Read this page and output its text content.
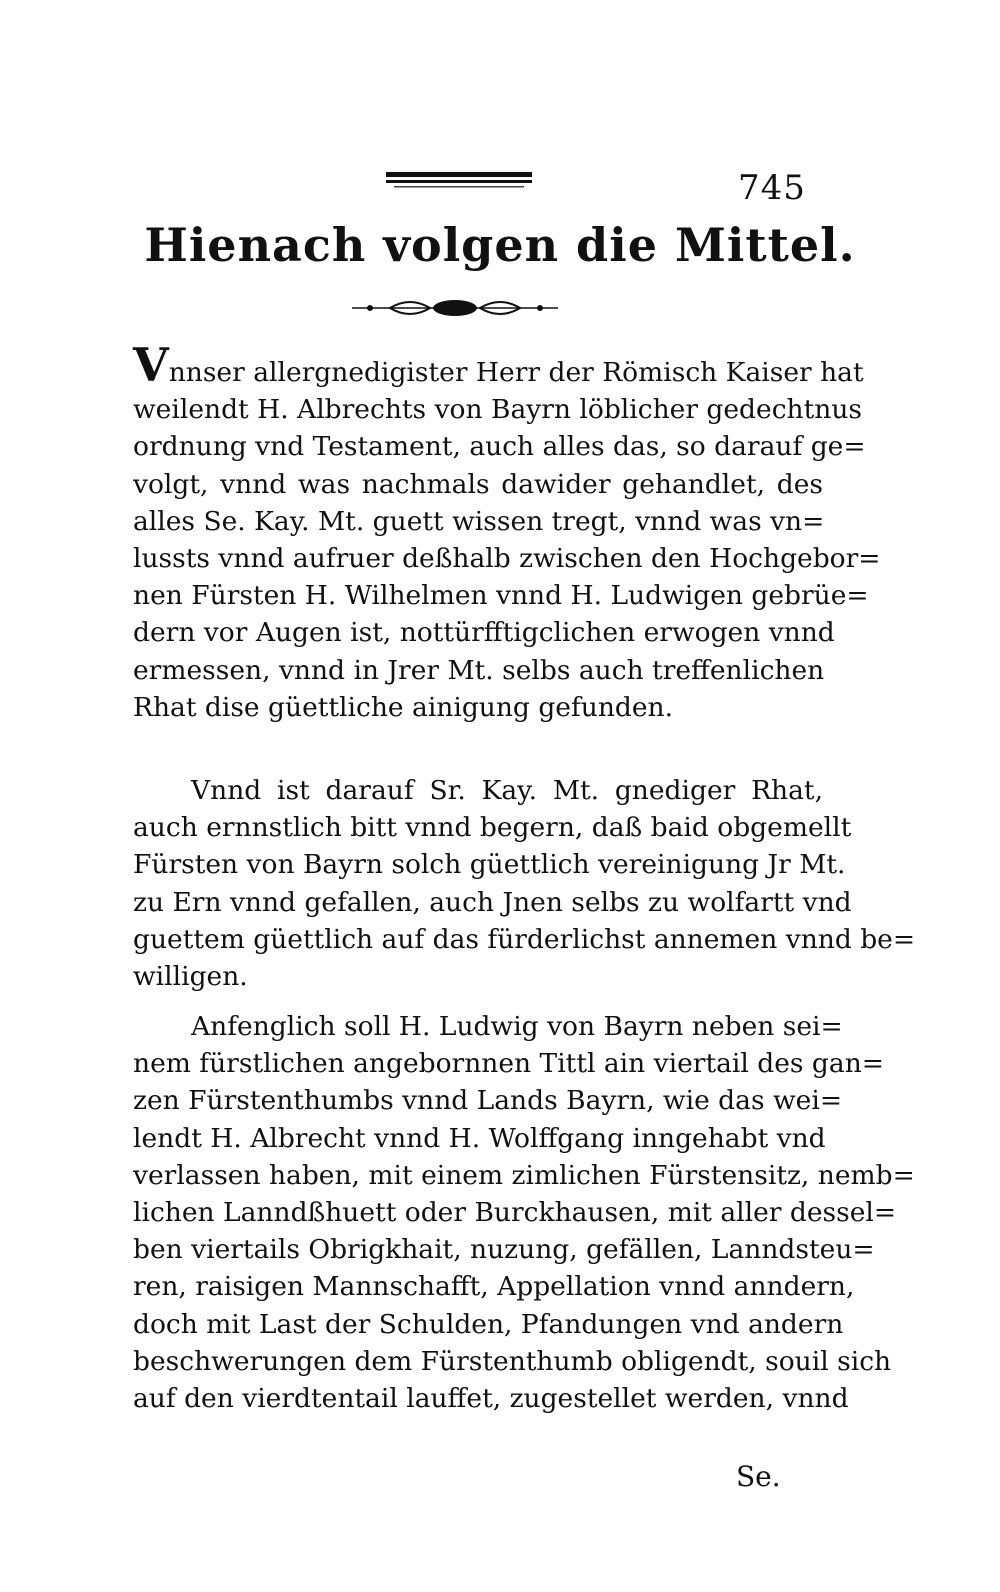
745
Hienach volgen die Mittel.
Vnnser allergnedigister Herr der Römisch Kaiser hat
weilendt H. Albrechts von Bayrn löblicher gedechtnus
ordnung vnd Testament, auch alles das, so darauf ge=
volgt, vnnd was nachmals dawider gehandlet, des
alles Se. Kay. Mt. guett wissen tregt, vnnd was vn=
lussts vnnd aufruer deßhalb zwischen den Hochgebor=
nen Fürsten H. Wilhelmen vnnd H. Ludwigen gebrüe=
dern vor Augen ist, nottürfftigclichen erwogen vnnd
ermessen, vnnd in Jrer Mt. selbs auch treffenlichen
Rhat dise güettliche ainigung gefunden.
Vnnd ist darauf Sr. Kay. Mt. gnediger Rhat,
auch ernnstlich bitt vnnd begern, daß baid obgemellt
Fürsten von Bayrn solch güettlich vereinigung Jr Mt.
zu Ern vnnd gefallen, auch Jnen selbs zu wolfartt vnd
guettem güettlich auf das fürderlichst annemen vnnd be=
willigen.
Anfenglich soll H. Ludwig von Bayrn neben sei=
nem fürstlichen angebornnen Tittl ain viertail des gan=
zen Fürstenthumbs vnnd Lands Bayrn, wie das wei=
lendt H. Albrecht vnnd H. Wolffgang inngehabt vnd
verlassen haben, mit einem zimlichen Fürstensitz, nemb=
lichen Lanndßhuett oder Burckhausen, mit aller dessel=
ben viertails Obrigkhait, nuzung, gefällen, Lanndsteu=
ren, raisigen Mannschafft, Appellation vnnd anndern,
doch mit Last der Schulden, Pfandungen vnd andern
beschwerungen dem Fürstenthumb obligendt, souil sich
auf den vierdtentail lauffet, zugestellet werden, vnnd
Se.
